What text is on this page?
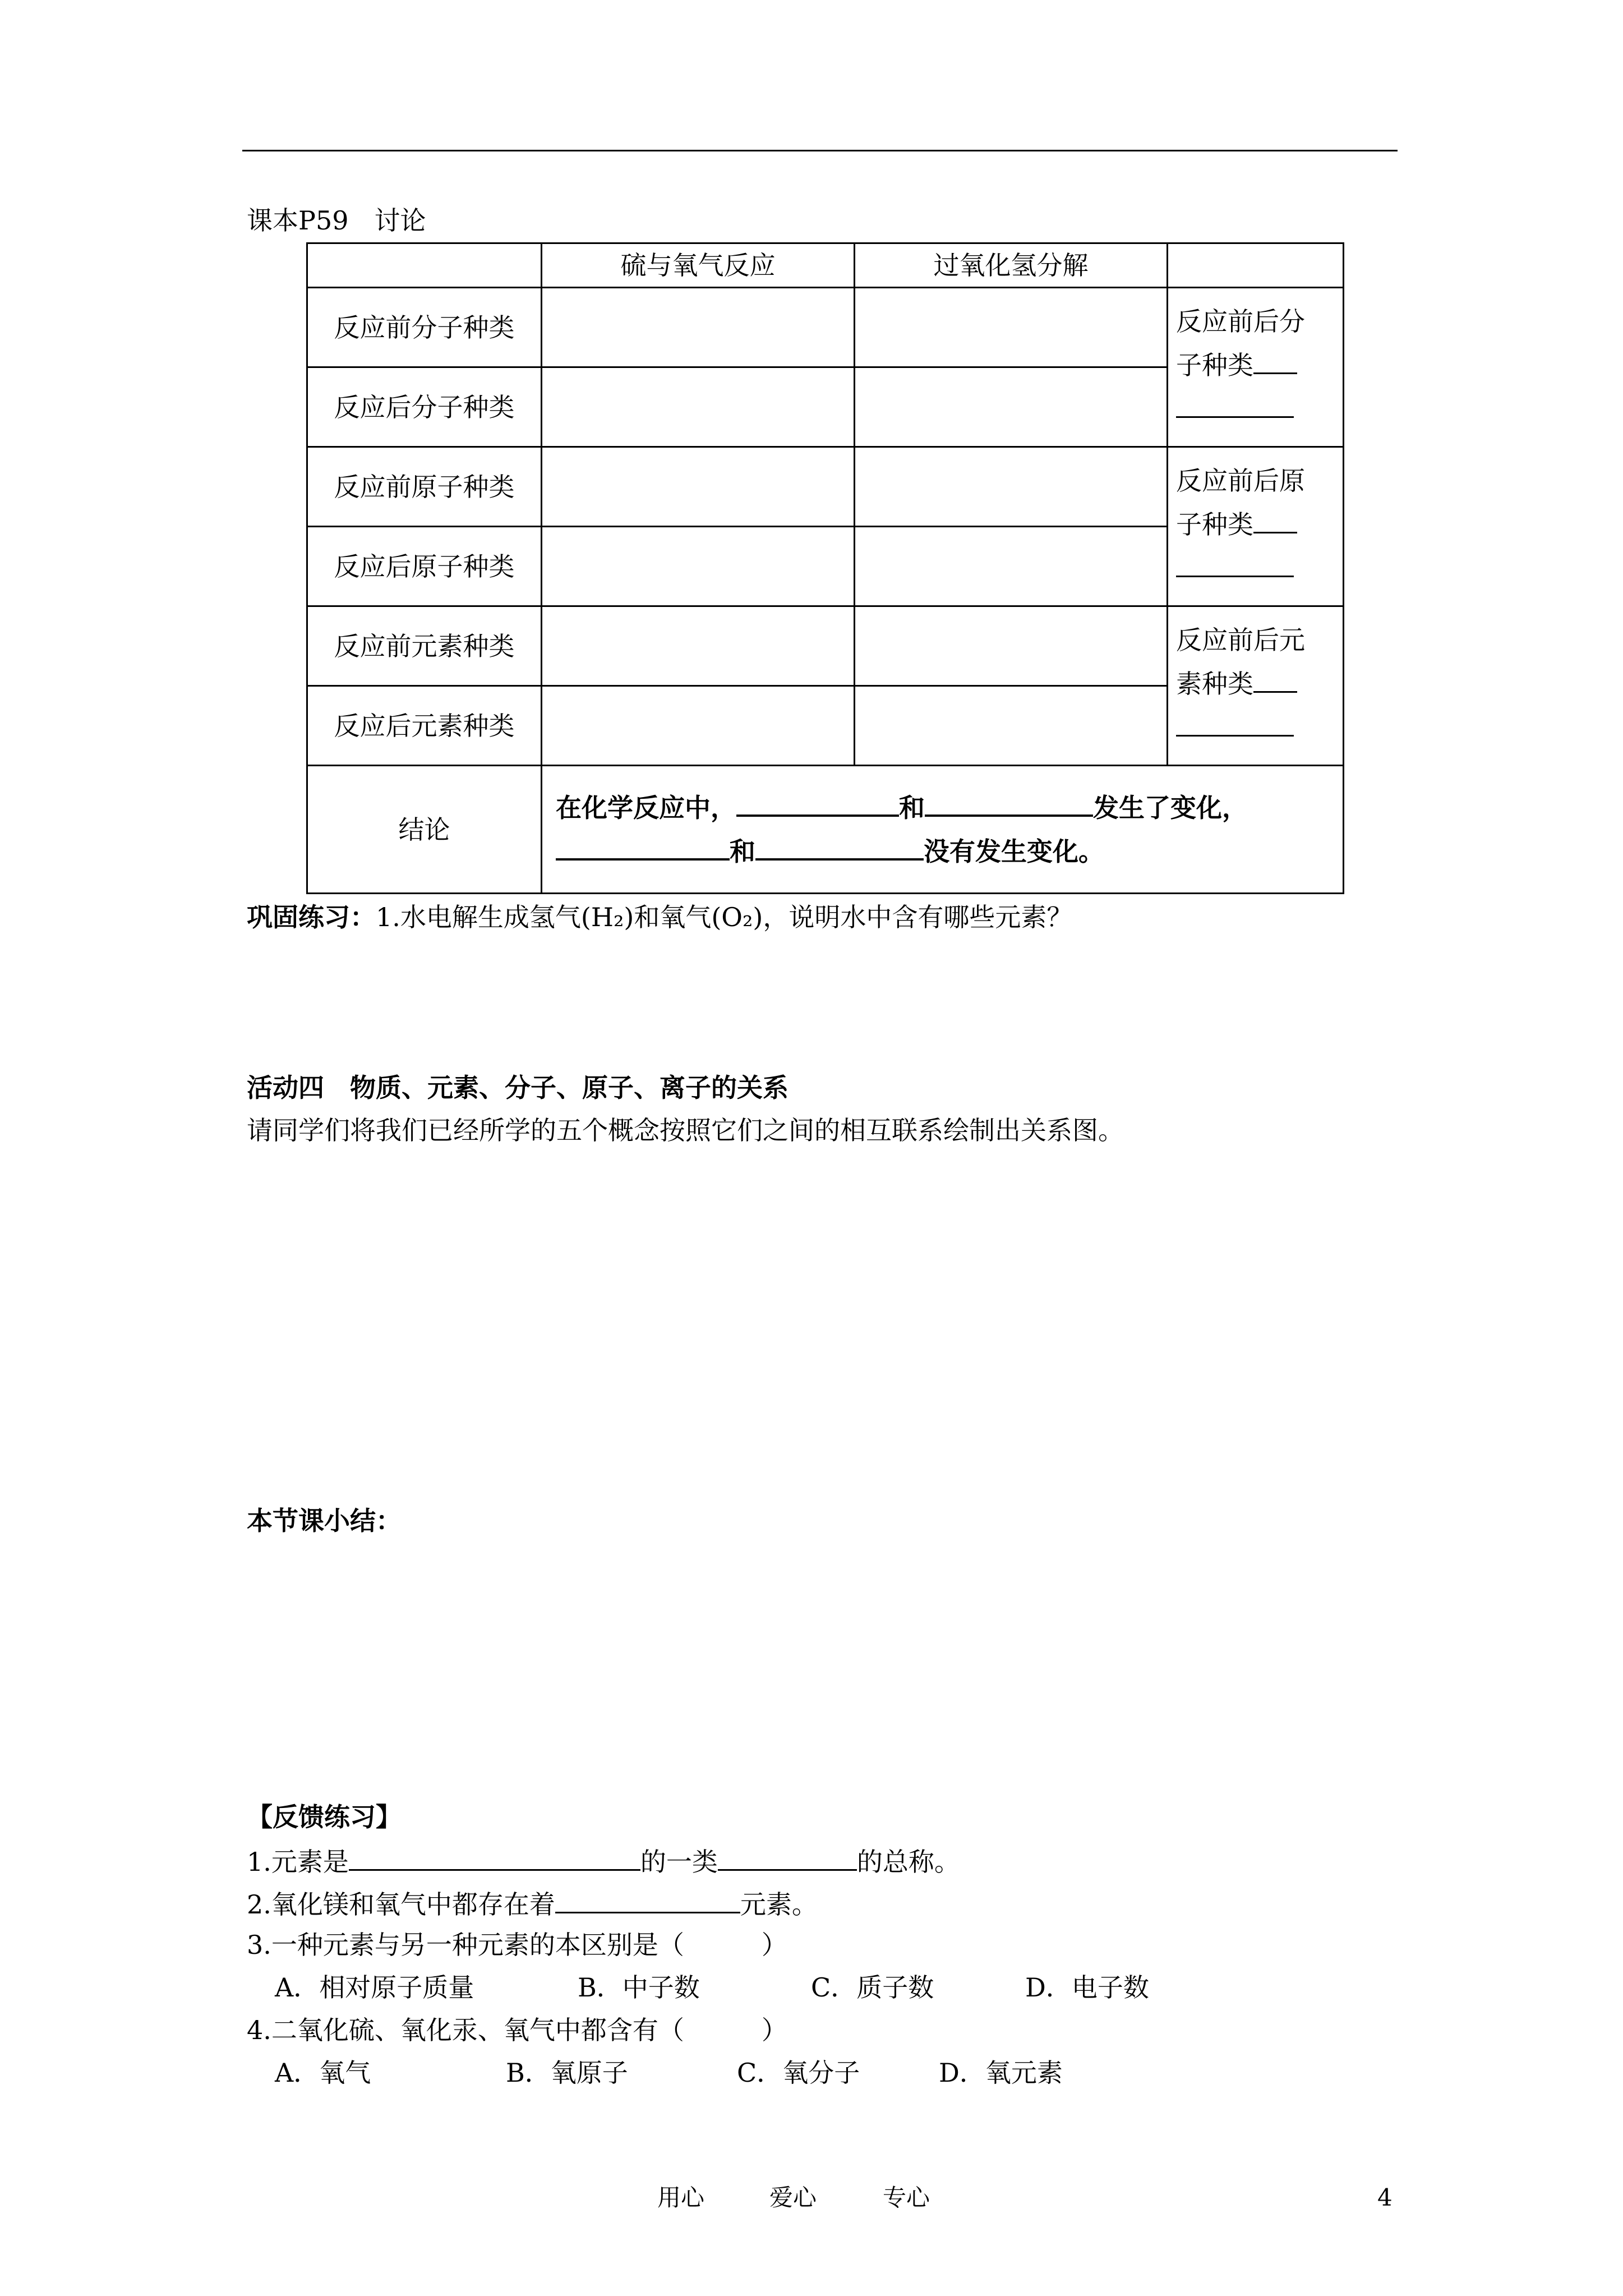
课本P59　讨论
	硫与氧气反应	过氧化氢分解	
反应前分子种类			反应前后分
子种类

反应后分子种类			
反应前原子种类			反应前后原
子种类

反应后原子种类			
反应前元素种类			反应前后元
素种类

反应后元素种类			
结论	在化学反应中， 和 发生了变化，
和 没有发生变化。		
巩固练习：1.水电解生成氢气(H₂)和氧气(O₂)，说明水中含有哪些元素？
活动四　物质、元素、分子、原子、离子的关系
请同学们将我们已经所学的五个概念按照它们之间的相互联系绘制出关系图。
本节课小结：
【反馈练习】
1.元素是	的一类	的总称。
2.氧化镁和氧气中都存在着	元素。
3.一种元素与另一种元素的本区别是（　　　）
A．相对原子质量	B．中子数	C．质子数	D．电子数
4.二氧化硫、氧化汞、氧气中都含有（　　　）
A．氧气	B．氧原子	C．氧分子	D．氧元素
用心	爱心	专心	4
